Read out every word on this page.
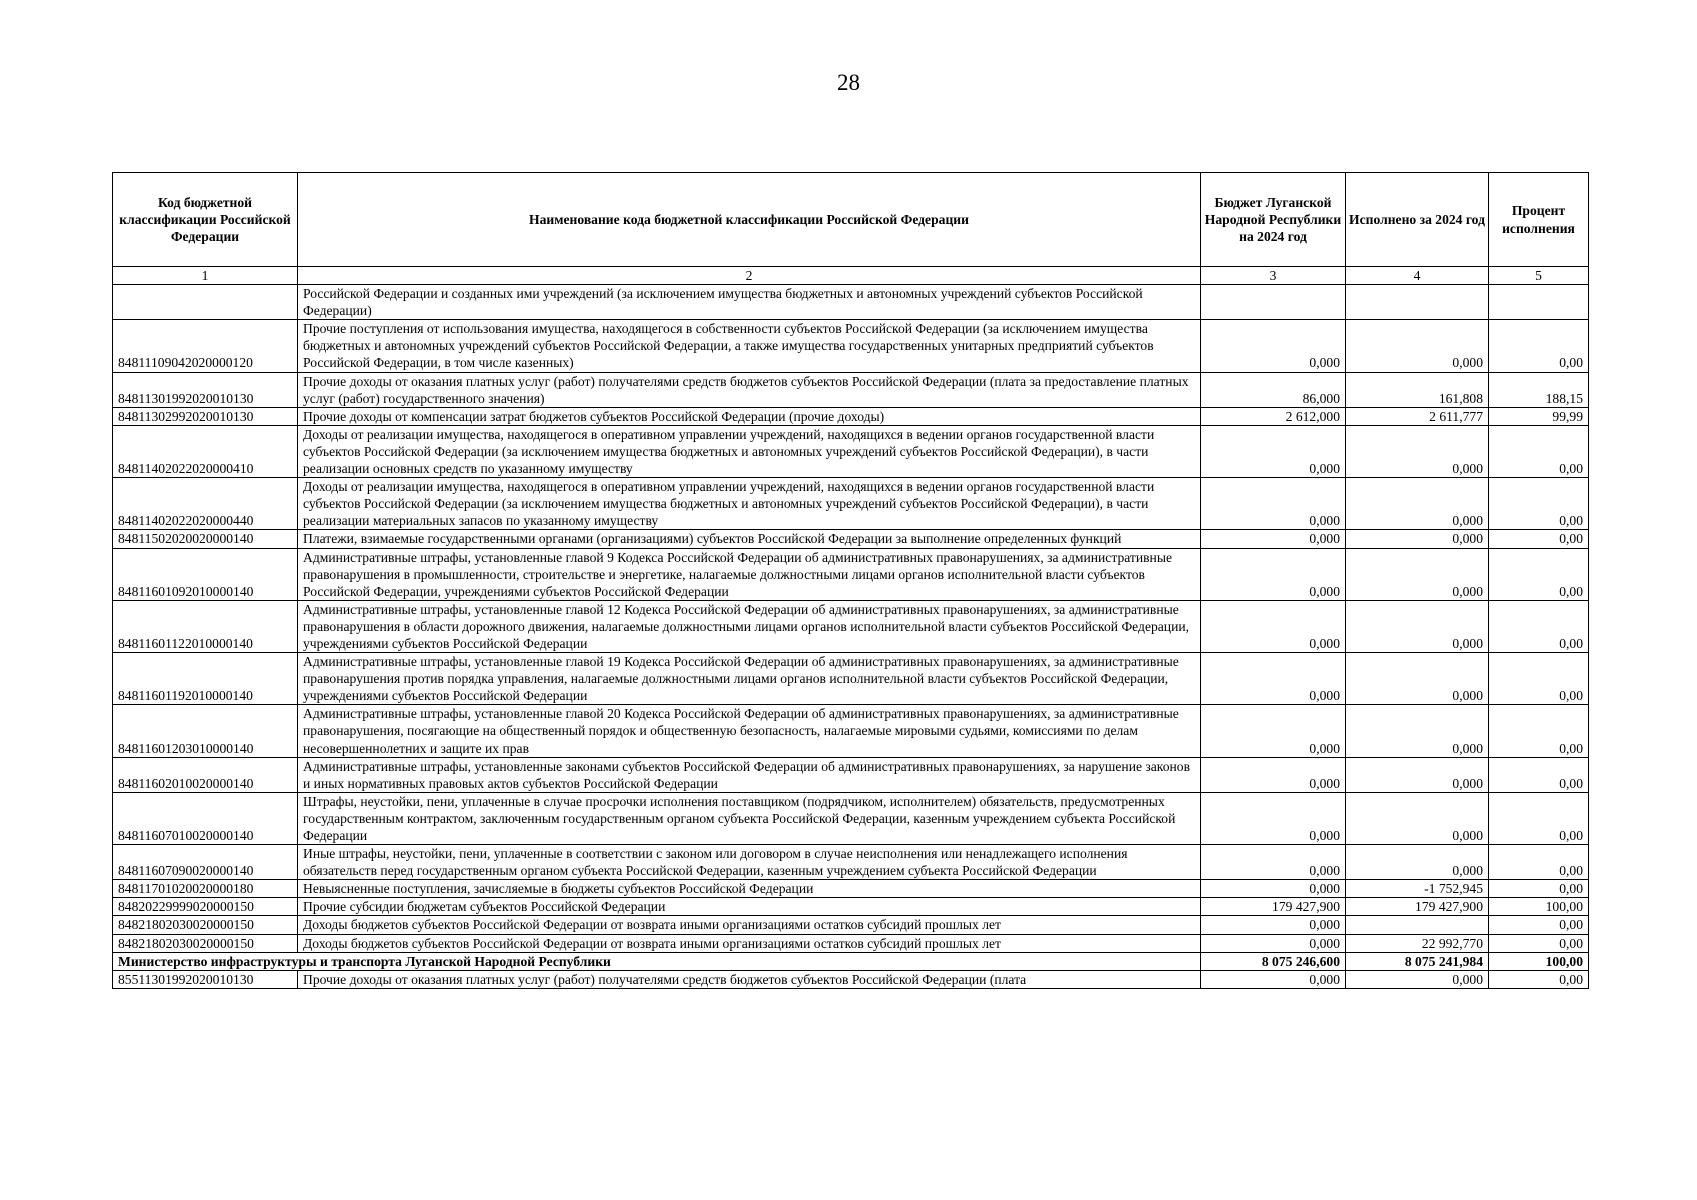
28
Код бюджетной классификации Российской Федерации	Наименование кода бюджетной классификации Российской Федерации	Бюджет Луганской Народной Республики на 2024 год	Исполнено за 2024 год	Процент исполнения
1	2	3	4	5
	Российской Федерации и созданных ими учреждений (за исключением имущества бюджетных и автономных учреждений субъектов Российской Федерации)			
84811109042020000120	Прочие поступления от использования имущества, находящегося в собственности субъектов Российской Федерации (за исключением имущества бюджетных и автономных учреждений субъектов Российской Федерации, а также имущества государственных унитарных предприятий субъектов Российской Федерации, в том числе казенных)	0,000	0,000	0,00
84811301992020010130	Прочие доходы от оказания платных услуг (работ) получателями средств бюджетов субъектов Российской Федерации (плата за предоставление платных услуг (работ) государственного значения)	86,000	161,808	188,15
84811302992020010130	Прочие доходы от компенсации затрат бюджетов субъектов Российской Федерации (прочие доходы)	2 612,000	2 611,777	99,99
84811402022020000410	Доходы от реализации имущества, находящегося в оперативном управлении учреждений, находящихся в ведении органов государственной власти субъектов Российской Федерации (за исключением имущества бюджетных и автономных учреждений субъектов Российской Федерации), в части реализации основных средств по указанному имуществу	0,000	0,000	0,00
84811402022020000440	Доходы от реализации имущества, находящегося в оперативном управлении учреждений, находящихся в ведении органов государственной власти субъектов Российской Федерации (за исключением имущества бюджетных и автономных учреждений субъектов Российской Федерации), в части реализации материальных запасов по указанному имуществу	0,000	0,000	0,00
84811502020020000140	Платежи, взимаемые государственными органами (организациями) субъектов Российской Федерации за выполнение определенных функций	0,000	0,000	0,00
84811601092010000140	Административные штрафы, установленные главой 9 Кодекса Российской Федерации об административных правонарушениях, за административные правонарушения в промышленности, строительстве и энергетике, налагаемые должностными лицами органов исполнительной власти субъектов Российской Федерации, учреждениями субъектов Российской Федерации	0,000	0,000	0,00
84811601122010000140	Административные штрафы, установленные главой 12 Кодекса Российской Федерации об административных правонарушениях, за административные правонарушения в области дорожного движения, налагаемые должностными лицами органов исполнительной власти субъектов Российской Федерации, учреждениями субъектов Российской Федерации	0,000	0,000	0,00
84811601192010000140	Административные штрафы, установленные главой 19 Кодекса Российской Федерации об административных правонарушениях, за административные правонарушения против порядка управления, налагаемые должностными лицами органов исполнительной власти субъектов Российской Федерации, учреждениями субъектов Российской Федерации	0,000	0,000	0,00
84811601203010000140	Административные штрафы, установленные главой 20 Кодекса Российской Федерации об административных правонарушениях, за административные правонарушения, посягающие на общественный порядок и общественную безопасность, налагаемые мировыми судьями, комиссиями по делам несовершеннолетних и защите их прав	0,000	0,000	0,00
84811602010020000140	Административные штрафы, установленные законами субъектов Российской Федерации об административных правонарушениях, за нарушение законов и иных нормативных правовых актов субъектов Российской Федерации	0,000	0,000	0,00
84811607010020000140	Штрафы, неустойки, пени, уплаченные в случае просрочки исполнения поставщиком (подрядчиком, исполнителем) обязательств, предусмотренных государственным контрактом, заключенным государственным органом субъекта Российской Федерации, казенным учреждением субъекта Российской Федерации	0,000	0,000	0,00
84811607090020000140	Иные штрафы, неустойки, пени, уплаченные в соответствии с законом или договором в случае неисполнения или ненадлежащего исполнения обязательств перед государственным органом субъекта Российской Федерации, казенным учреждением субъекта Российской Федерации	0,000	0,000	0,00
84811701020020000180	Невыясненные поступления, зачисляемые в бюджеты субъектов Российской Федерации	0,000	-1 752,945	0,00
84820229999020000150	Прочие субсидии бюджетам субъектов Российской Федерации	179 427,900	179 427,900	100,00
84821802030020000150	Доходы бюджетов субъектов Российской Федерации от возврата иными организациями остатков субсидий прошлых лет	0,000		0,00
84821802030020000150	Доходы бюджетов субъектов Российской Федерации от возврата иными организациями остатков субсидий прошлых лет	0,000	22 992,770	0,00
Министерство инфраструктуры и транспорта Луганской Народной Республики		8 075 246,600	8 075 241,984	100,00
85511301992020010130	Прочие доходы от оказания платных услуг (работ) получателями средств бюджетов субъектов Российской Федерации (плата	0,000	0,000	0,00
